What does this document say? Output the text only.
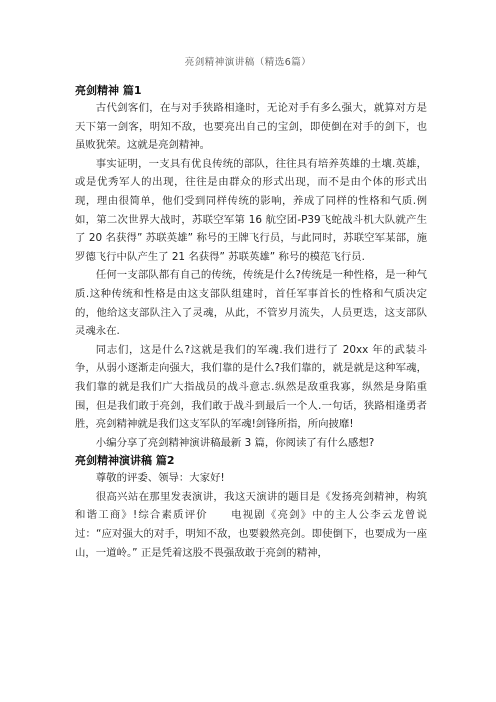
亮剑精神演讲稿（精选6篇）
亮剑精神 篇1

古代剑客们，在与对手狭路相逢时，无论对手有多么强大，就算对方是天下第一剑客，明知不敌，也要亮出自己的宝剑，即使倒在对手的剑下，也虽败犹荣。这就是亮剑精神。

事实证明，一支具有优良传统的部队，往往具有培养英雄的土壤.英雄，或是优秀军人的出现，往往是由群众的形式出现，而不是由个体的形式出现，理由很简单，他们受到同样传统的影响，养成了同样的性格和气质.例如，第二次世界大战时，苏联空军第 16 航空团-P39飞蛇战斗机大队就产生了 20 名获得” 苏联英雄” 称号的王牌飞行员，与此同时，苏联空军某部，施罗德飞行中队产生了 21 名获得” 苏联英雄” 称号的模范飞行员.

任何一支部队都有自己的传统，传统是什么?传统是一种性格，是一种气质.这种传统和性格是由这支部队组建时，首任军事首长的性格和气质决定的，他给这支部队注入了灵魂，从此，不管岁月流失，人员更迭，这支部队灵魂永在.

同志们，这是什么?这就是我们的军魂.我们进行了 20xx 年的武装斗争，从弱小逐渐走向强大，我们靠的是什么?我们靠的，就是就是这种军魂，我们靠的就是我们广大指战员的战斗意志.纵然是敌重我寡，纵然是身陷重围，但是我们敢于亮剑，我们敢于战斗到最后一个人.一句话，狭路相逢勇者胜，亮剑精神就是我们这支军队的军魂!剑锋所指，所向披靡!

小编分享了亮剑精神演讲稿最新 3 篇，你阅读了有什么感想?

亮剑精神演讲稿 篇2

尊敬的评委、领导：大家好!

很高兴站在那里发表演讲，我这天演讲的题目是《发扬亮剑精神，构筑和谐工商》!综合素质评价　　电视剧《亮剑》中的主人公李云龙曾说过：“应对强大的对手，明知不敌，也要毅然亮剑。即使倒下，也要成为一座山，一道岭。” 正是凭着这股不畏强敌敢于亮剑的精神，
